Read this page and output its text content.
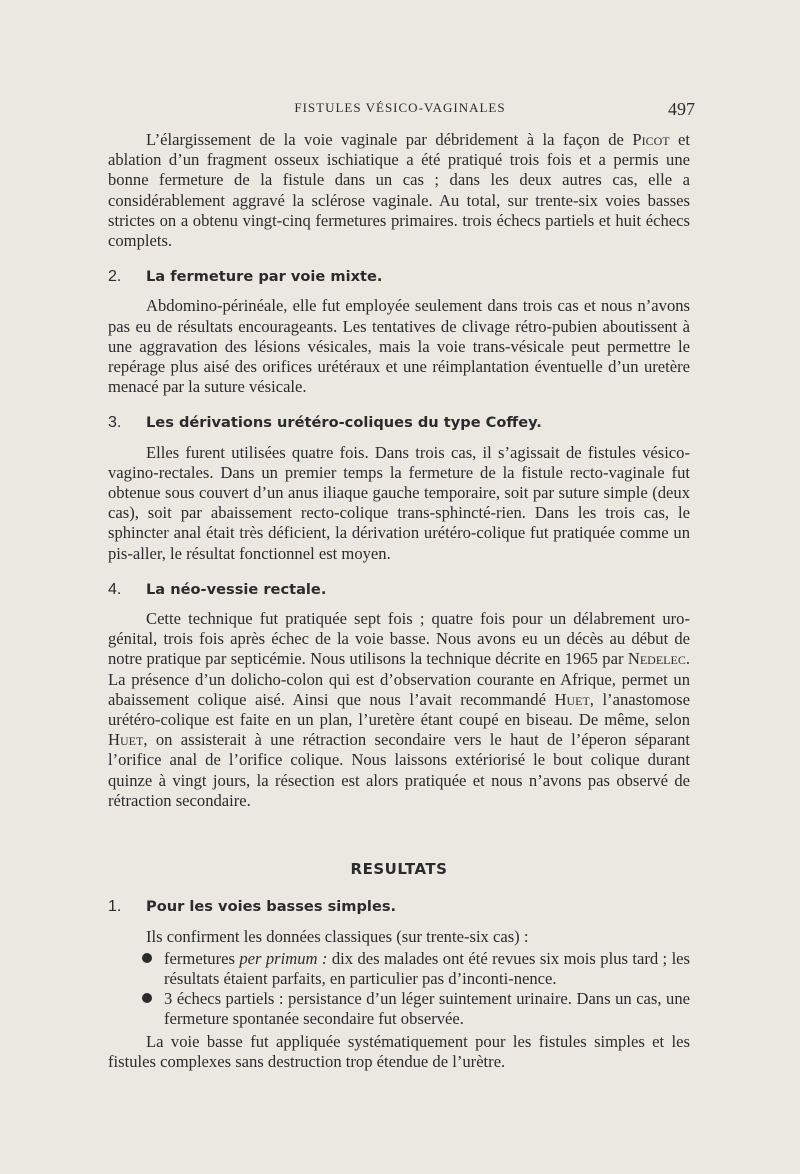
FISTULES VÉSICO-VAGINALES	497

L’élargissement de la voie vaginale par débridement à la façon de Picot et ablation d’un fragment osseux ischiatique a été pratiqué trois fois et a permis une bonne fermeture de la fistule dans un cas ; dans les deux autres cas, elle a considérablement aggravé la sclérose vaginale. Au total, sur trente-six voies basses strictes on a obtenu vingt-cinq fermetures primaires. trois échecs partiels et huit échecs complets.

2.	La fermeture par voie mixte.

Abdomino-périnéale, elle fut employée seulement dans trois cas et nous n’avons pas eu de résultats encourageants. Les tentatives de clivage rétro-pubien aboutissent à une aggravation des lésions vésicales, mais la voie trans-vésicale peut permettre le repérage plus aisé des orifices urétéraux et une réimplantation éventuelle d’un uretère menacé par la suture vésicale.

3.	Les dérivations urétéro-coliques du type Coffey.

Elles furent utilisées quatre fois. Dans trois cas, il s’agissait de fistules vésico-vagino-rectales. Dans un premier temps la fermeture de la fistule recto-vaginale fut obtenue sous couvert d’un anus iliaque gauche temporaire, soit par suture simple (deux cas), soit par abaissement recto-colique trans-sphincté-rien. Dans les trois cas, le sphincter anal était très déficient, la dérivation urétéro-colique fut pratiquée comme un pis-aller, le résultat fonctionnel est moyen.

4.	La néo-vessie rectale.

Cette technique fut pratiquée sept fois ; quatre fois pour un délabrement uro-génital, trois fois après échec de la voie basse. Nous avons eu un décès au début de notre pratique par septicémie. Nous utilisons la technique décrite en 1965 par Nedelec. La présence d’un dolicho-colon qui est d’observation courante en Afrique, permet un abaissement colique aisé. Ainsi que nous l’avait recommandé Huet, l’anastomose urétéro-colique est faite en un plan, l’uretère étant coupé en biseau. De même, selon Huet, on assisterait à une rétraction secondaire vers le haut de l’éperon séparant l’orifice anal de l’orifice colique. Nous laissons extériorisé le bout colique durant quinze à vingt jours, la résection est alors pratiquée et nous n’avons pas observé de rétraction secondaire.

RESULTATS
1.	Pour les voies basses simples.

Ils confirment les données classiques (sur trente-six cas) :

fermetures per primum : dix des malades ont été revues six mois plus tard ; les résultats étaient parfaits, en particulier pas d’inconti-nence.
3 échecs partiels : persistance d’un léger suintement urinaire. Dans un cas, une fermeture spontanée secondaire fut observée.

La voie basse fut appliquée systématiquement pour les fistules simples et les fistules complexes sans destruction trop étendue de l’urètre.
